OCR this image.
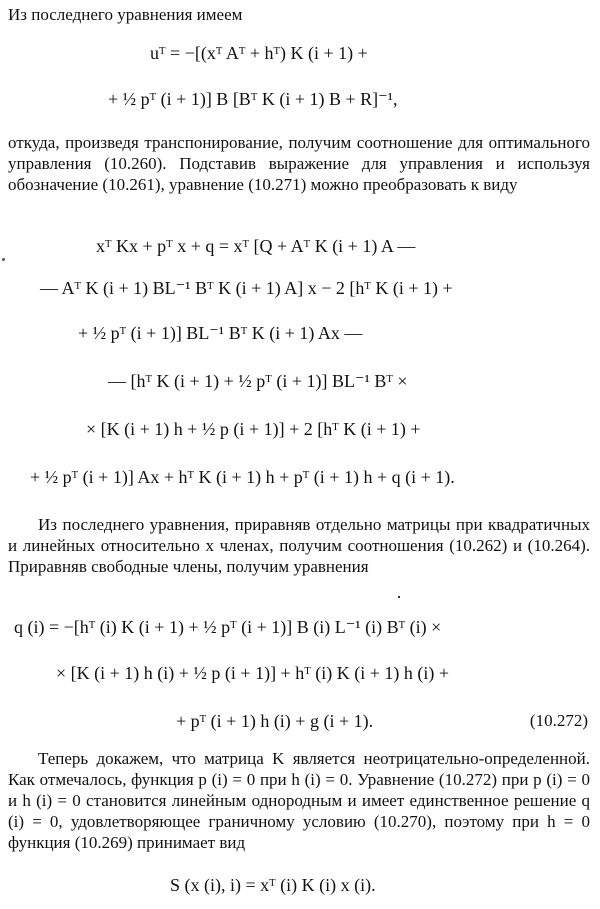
Из последнего уравнения имеем
uᵀ = −[(xᵀ Aᵀ + hᵀ) K (i + 1) +
+ ½ pᵀ (i + 1)] B [Bᵀ K (i + 1) B + R]⁻¹,
откуда, произведя транспонирование, получим соотношение для оптимального управления (10.260). Подставив выражение для управления и используя обозначение (10.261), уравнение (10.271) можно преобразовать к виду
xᵀ Kx + pᵀ x + q = xᵀ [Q + Aᵀ K (i + 1) A —
— Aᵀ K (i + 1) BL⁻¹ Bᵀ K (i + 1) A] x − 2 [hᵀ K (i + 1) +
+ ½ pᵀ (i + 1)] BL⁻¹ Bᵀ K (i + 1) Ax —
— [hᵀ K (i + 1) + ½ pᵀ (i + 1)] BL⁻¹ Bᵀ ×
× [K (i + 1) h + ½ p (i + 1)] + 2 [hᵀ K (i + 1) +
+ ½ pᵀ (i + 1)] Ax + hᵀ K (i + 1) h + pᵀ (i + 1) h + q (i + 1).
Из последнего уравнения, приравняв отдельно матрицы при квадратичных и линейных относительно x членах, получим соотношения (10.262) и (10.264). Приравняв свободные члены, получим уравнения
q (i) = −[hᵀ (i) K (i + 1) + ½ pᵀ (i + 1)] B (i) L⁻¹ (i) Bᵀ (i) ×
× [K (i + 1) h (i) + ½ p (i + 1)] + hᵀ (i) K (i + 1) h (i) +
+ pᵀ (i + 1) h (i) + g (i + 1).	(10.272)
Теперь докажем, что матрица K является неотрицательно-определенной. Как отмечалось, функция p (i) = 0 при h (i) = 0. Уравнение (10.272) при p (i) = 0 и h (i) = 0 становится линейным однородным и имеет единственное решение q (i) = 0, удовлетворяющее граничному условию (10.270), поэтому при h = 0 функция (10.269) принимает вид
S (x (i), i) = xᵀ (i) K (i) x (i).
